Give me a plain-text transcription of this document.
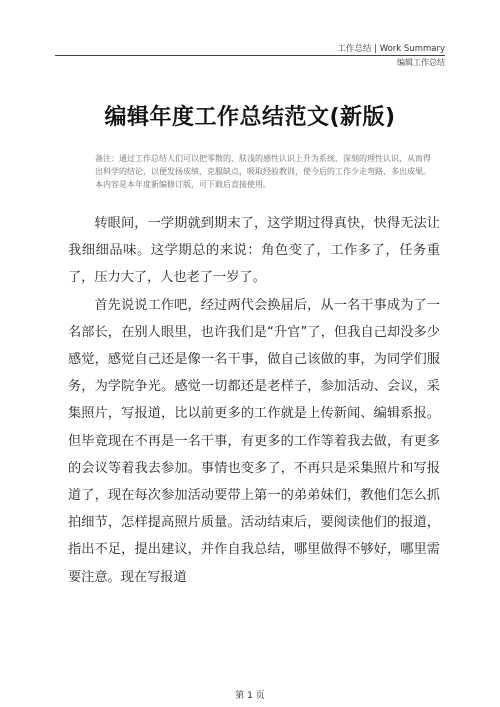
工作总结 | Work Summary
编辑工作总结
编辑年度工作总结范文(新版)
备注：通过工作总结人们可以把零散的、肤浅的感性认识上升为系统、深刻的理性认识，从而得出科学的结论，以便发扬成绩，克服缺点，吸取经验教训，使今后的工作少走弯路，多出成果。本内容是本年度新编修订版，可下载后直接使用。

转眼间，一学期就到期末了，这学期过得真快，快得无法让我细细品味。这学期总的来说：角色变了，工作多了，任务重了，压力大了，人也老了一岁了。

首先说说工作吧，经过两代会换届后，从一名干事成为了一名部长，在别人眼里，也许我们是“升官”了，但我自己却没多少感觉，感觉自己还是像一名干事，做自己该做的事，为同学们服务，为学院争光。感觉一切都还是老样子，参加活动、会议，采集照片，写报道，比以前更多的工作就是上传新闻、编辑系报。但毕竟现在不再是一名干事，有更多的工作等着我去做，有更多的会议等着我去参加。事情也变多了，不再只是采集照片和写报道了，现在每次参加活动要带上第一的弟弟妹们，教他们怎么抓拍细节，怎样提高照片质量。活动结束后，要阅读他们的报道，指出不足，提出建议，并作自我总结，哪里做得不够好，哪里需要注意。现在写报道

第 1 页
